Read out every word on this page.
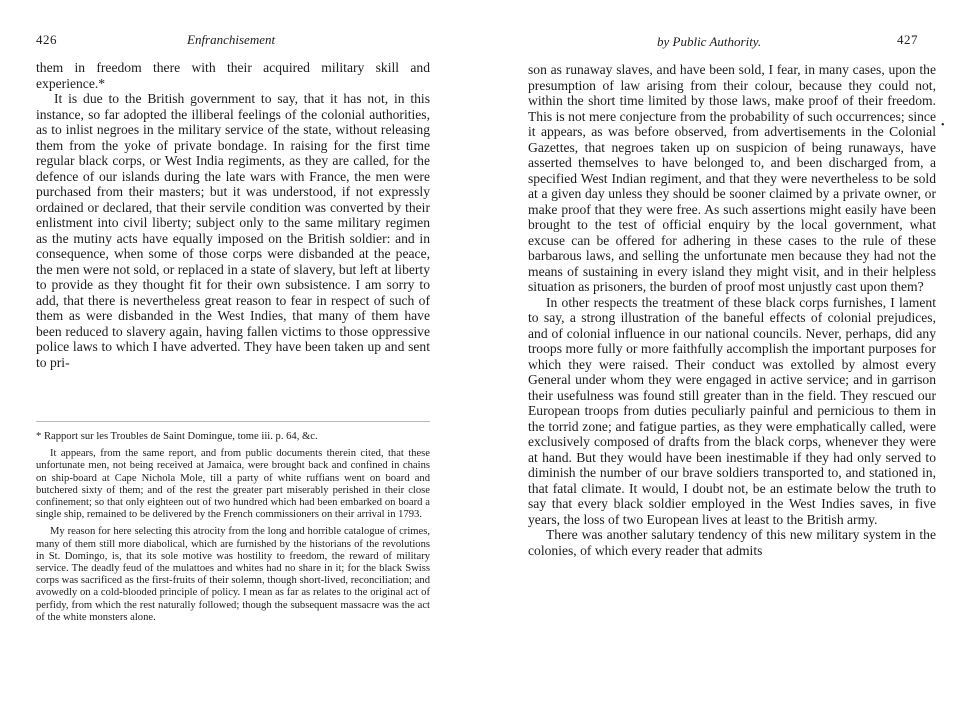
426	Enfranchisement

them in freedom there with their acquired military skill and experience.*

It is due to the British government to say, that it has not, in this instance, so far adopted the illiberal feelings of the colonial authorities, as to inlist negroes in the military service of the state, without releasing them from the yoke of private bondage. In raising for the first time regular black corps, or West India regiments, as they are called, for the defence of our islands during the late wars with France, the men were purchased from their masters; but it was understood, if not expressly ordained or declared, that their servile condition was converted by their enlistment into civil liberty; subject only to the same military regimen as the mutiny acts have equally imposed on the British soldier: and in consequence, when some of those corps were disbanded at the peace, the men were not sold, or replaced in a state of slavery, but left at liberty to provide as they thought fit for their own subsistence. I am sorry to add, that there is nevertheless great reason to fear in respect of such of them as were disbanded in the West Indies, that many of them have been reduced to slavery again, having fallen victims to those oppressive police laws to which I have adverted. They have been taken up and sent to pri-

* Rapport sur les Troubles de Saint Domingue, tome iii. p. 64, &c.

It appears, from the same report, and from public documents therein cited, that these unfortunate men, not being received at Jamaica, were brought back and confined in chains on ship-board at Cape Nichola Mole, till a party of white ruffians went on board and butchered sixty of them; and of the rest the greater part miserably perished in their close confinement; so that only eighteen out of two hundred which had been embarked on board a single ship, remained to be delivered by the French commissioners on their arrival in 1793.

My reason for here selecting this atrocity from the long and horrible catalogue of crimes, many of them still more diabolical, which are furnished by the historians of the revolutions in St. Domingo, is, that its sole motive was hostility to freedom, the reward of military service. The deadly feud of the mulattoes and whites had no share in it; for the black Swiss corps was sacrificed as the first-fruits of their solemn, though short-lived, reconciliation; and avowedly on a cold-blooded principle of policy. I mean as far as relates to the original act of perfidy, from which the rest naturally followed; though the subsequent massacre was the act of the white monsters alone.

by Public Authority.	427

son as runaway slaves, and have been sold, I fear, in many cases, upon the presumption of law arising from their colour, because they could not, within the short time limited by those laws, make proof of their freedom. This is not mere conjecture from the probability of such occurrences; since it appears, as was before observed, from advertisements in the Colonial Gazettes, that negroes taken up on suspicion of being runaways, have asserted themselves to have belonged to, and been discharged from, a specified West Indian regiment, and that they were nevertheless to be sold at a given day unless they should be sooner claimed by a private owner, or make proof that they were free. As such assertions might easily have been brought to the test of official enquiry by the local government, what excuse can be offered for adhering in these cases to the rule of these barbarous laws, and selling the unfortunate men because they had not the means of sustaining in every island they might visit, and in their helpless situation as prisoners, the burden of proof most unjustly cast upon them?

In other respects the treatment of these black corps furnishes, I lament to say, a strong illustration of the baneful effects of colonial prejudices, and of colonial influence in our national councils. Never, perhaps, did any troops more fully or more faithfully accomplish the important purposes for which they were raised. Their conduct was extolled by almost every General under whom they were engaged in active service; and in garrison their usefulness was found still greater than in the field. They rescued our European troops from duties peculiarly painful and pernicious to them in the torrid zone; and fatigue parties, as they were emphatically called, were exclusively composed of drafts from the black corps, whenever they were at hand. But they would have been inestimable if they had only served to diminish the number of our brave soldiers transported to, and stationed in, that fatal climate. It would, I doubt not, be an estimate below the truth to say that every black soldier employed in the West Indies saves, in five years, the loss of two European lives at least to the British army.

There was another salutary tendency of this new military system in the colonies, of which every reader that admits

•
